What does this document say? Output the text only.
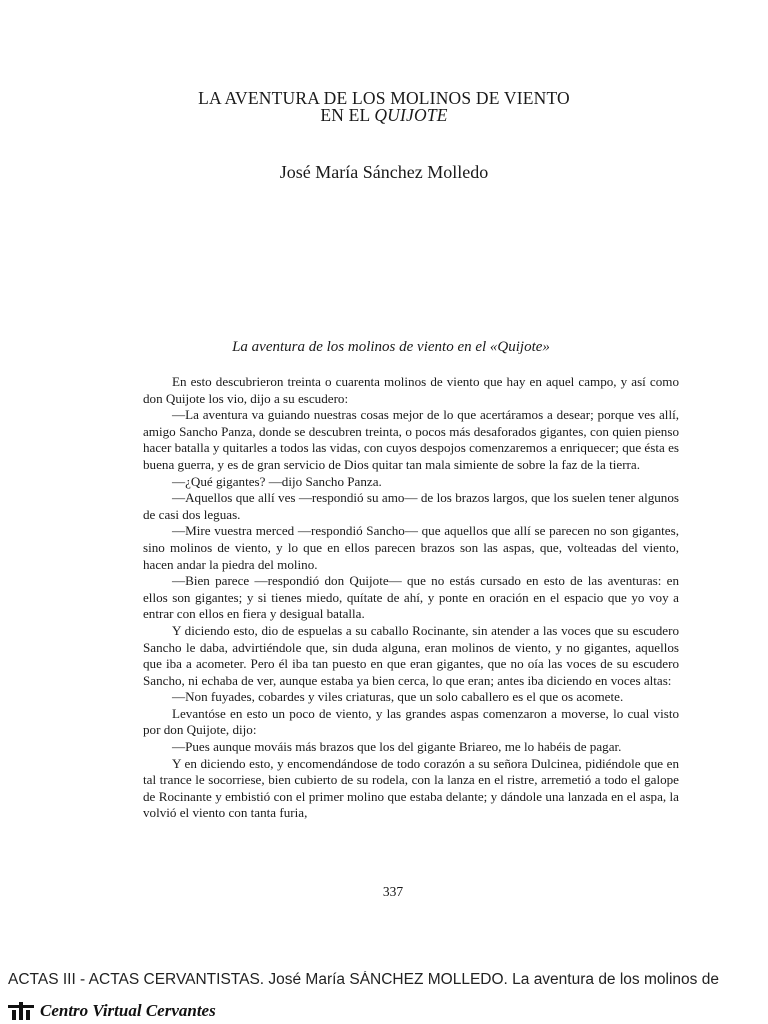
LA AVENTURA DE LOS MOLINOS DE VIENTO
EN EL QUIJOTE
José María Sánchez Molledo
La aventura de los molinos de viento en el «Quijote»

En esto descubrieron treinta o cuarenta molinos de viento que hay en aquel campo, y así como don Quijote los vio, dijo a su escudero:

—La aventura va guiando nuestras cosas mejor de lo que acertáramos a desear; porque ves allí, amigo Sancho Panza, donde se descubren treinta, o pocos más desaforados gigantes, con quien pienso hacer batalla y quitarles a todos las vidas, con cuyos despojos comenzaremos a enriquecer; que ésta es buena guerra, y es de gran servicio de Dios quitar tan mala simiente de sobre la faz de la tierra.

—¿Qué gigantes? —dijo Sancho Panza.

—Aquellos que allí ves —respondió su amo— de los brazos largos, que los suelen tener algunos de casi dos leguas.

—Mire vuestra merced —respondió Sancho— que aquellos que allí se parecen no son gigantes, sino molinos de viento, y lo que en ellos parecen brazos son las aspas, que, volteadas del viento, hacen andar la piedra del molino.

—Bien parece —respondió don Quijote— que no estás cursado en esto de las aventuras: en ellos son gigantes; y si tienes miedo, quítate de ahí, y ponte en oración en el espacio que yo voy a entrar con ellos en fiera y desigual batalla.

Y diciendo esto, dio de espuelas a su caballo Rocinante, sin atender a las voces que su escudero Sancho le daba, advirtiéndole que, sin duda alguna, eran molinos de viento, y no gigantes, aquellos que iba a acometer. Pero él iba tan puesto en que eran gigantes, que no oía las voces de su escudero Sancho, ni echaba de ver, aunque estaba ya bien cerca, lo que eran; antes iba diciendo en voces altas:

—Non fuyades, cobardes y viles criaturas, que un solo caballero es el que os acomete.

Levantóse en esto un poco de viento, y las grandes aspas comenzaron a moverse, lo cual visto por don Quijote, dijo:

—Pues aunque mováis más brazos que los del gigante Briareo, me lo habéis de pagar.

Y en diciendo esto, y encomendándose de todo corazón a su señora Dulcinea, pidiéndole que en tal trance le socorriese, bien cubierto de su rodela, con la lanza en el ristre, arremetió a todo el galope de Rocinante y embistió con el primer molino que estaba delante; y dándole una lanzada en el aspa, la volvió el viento con tanta furia,

337
ACTAS III - ACTAS CERVANTISTAS. José María SÁNCHEZ MOLLEDO. La aventura de los molinos de
Centro Virtual Cervantes
